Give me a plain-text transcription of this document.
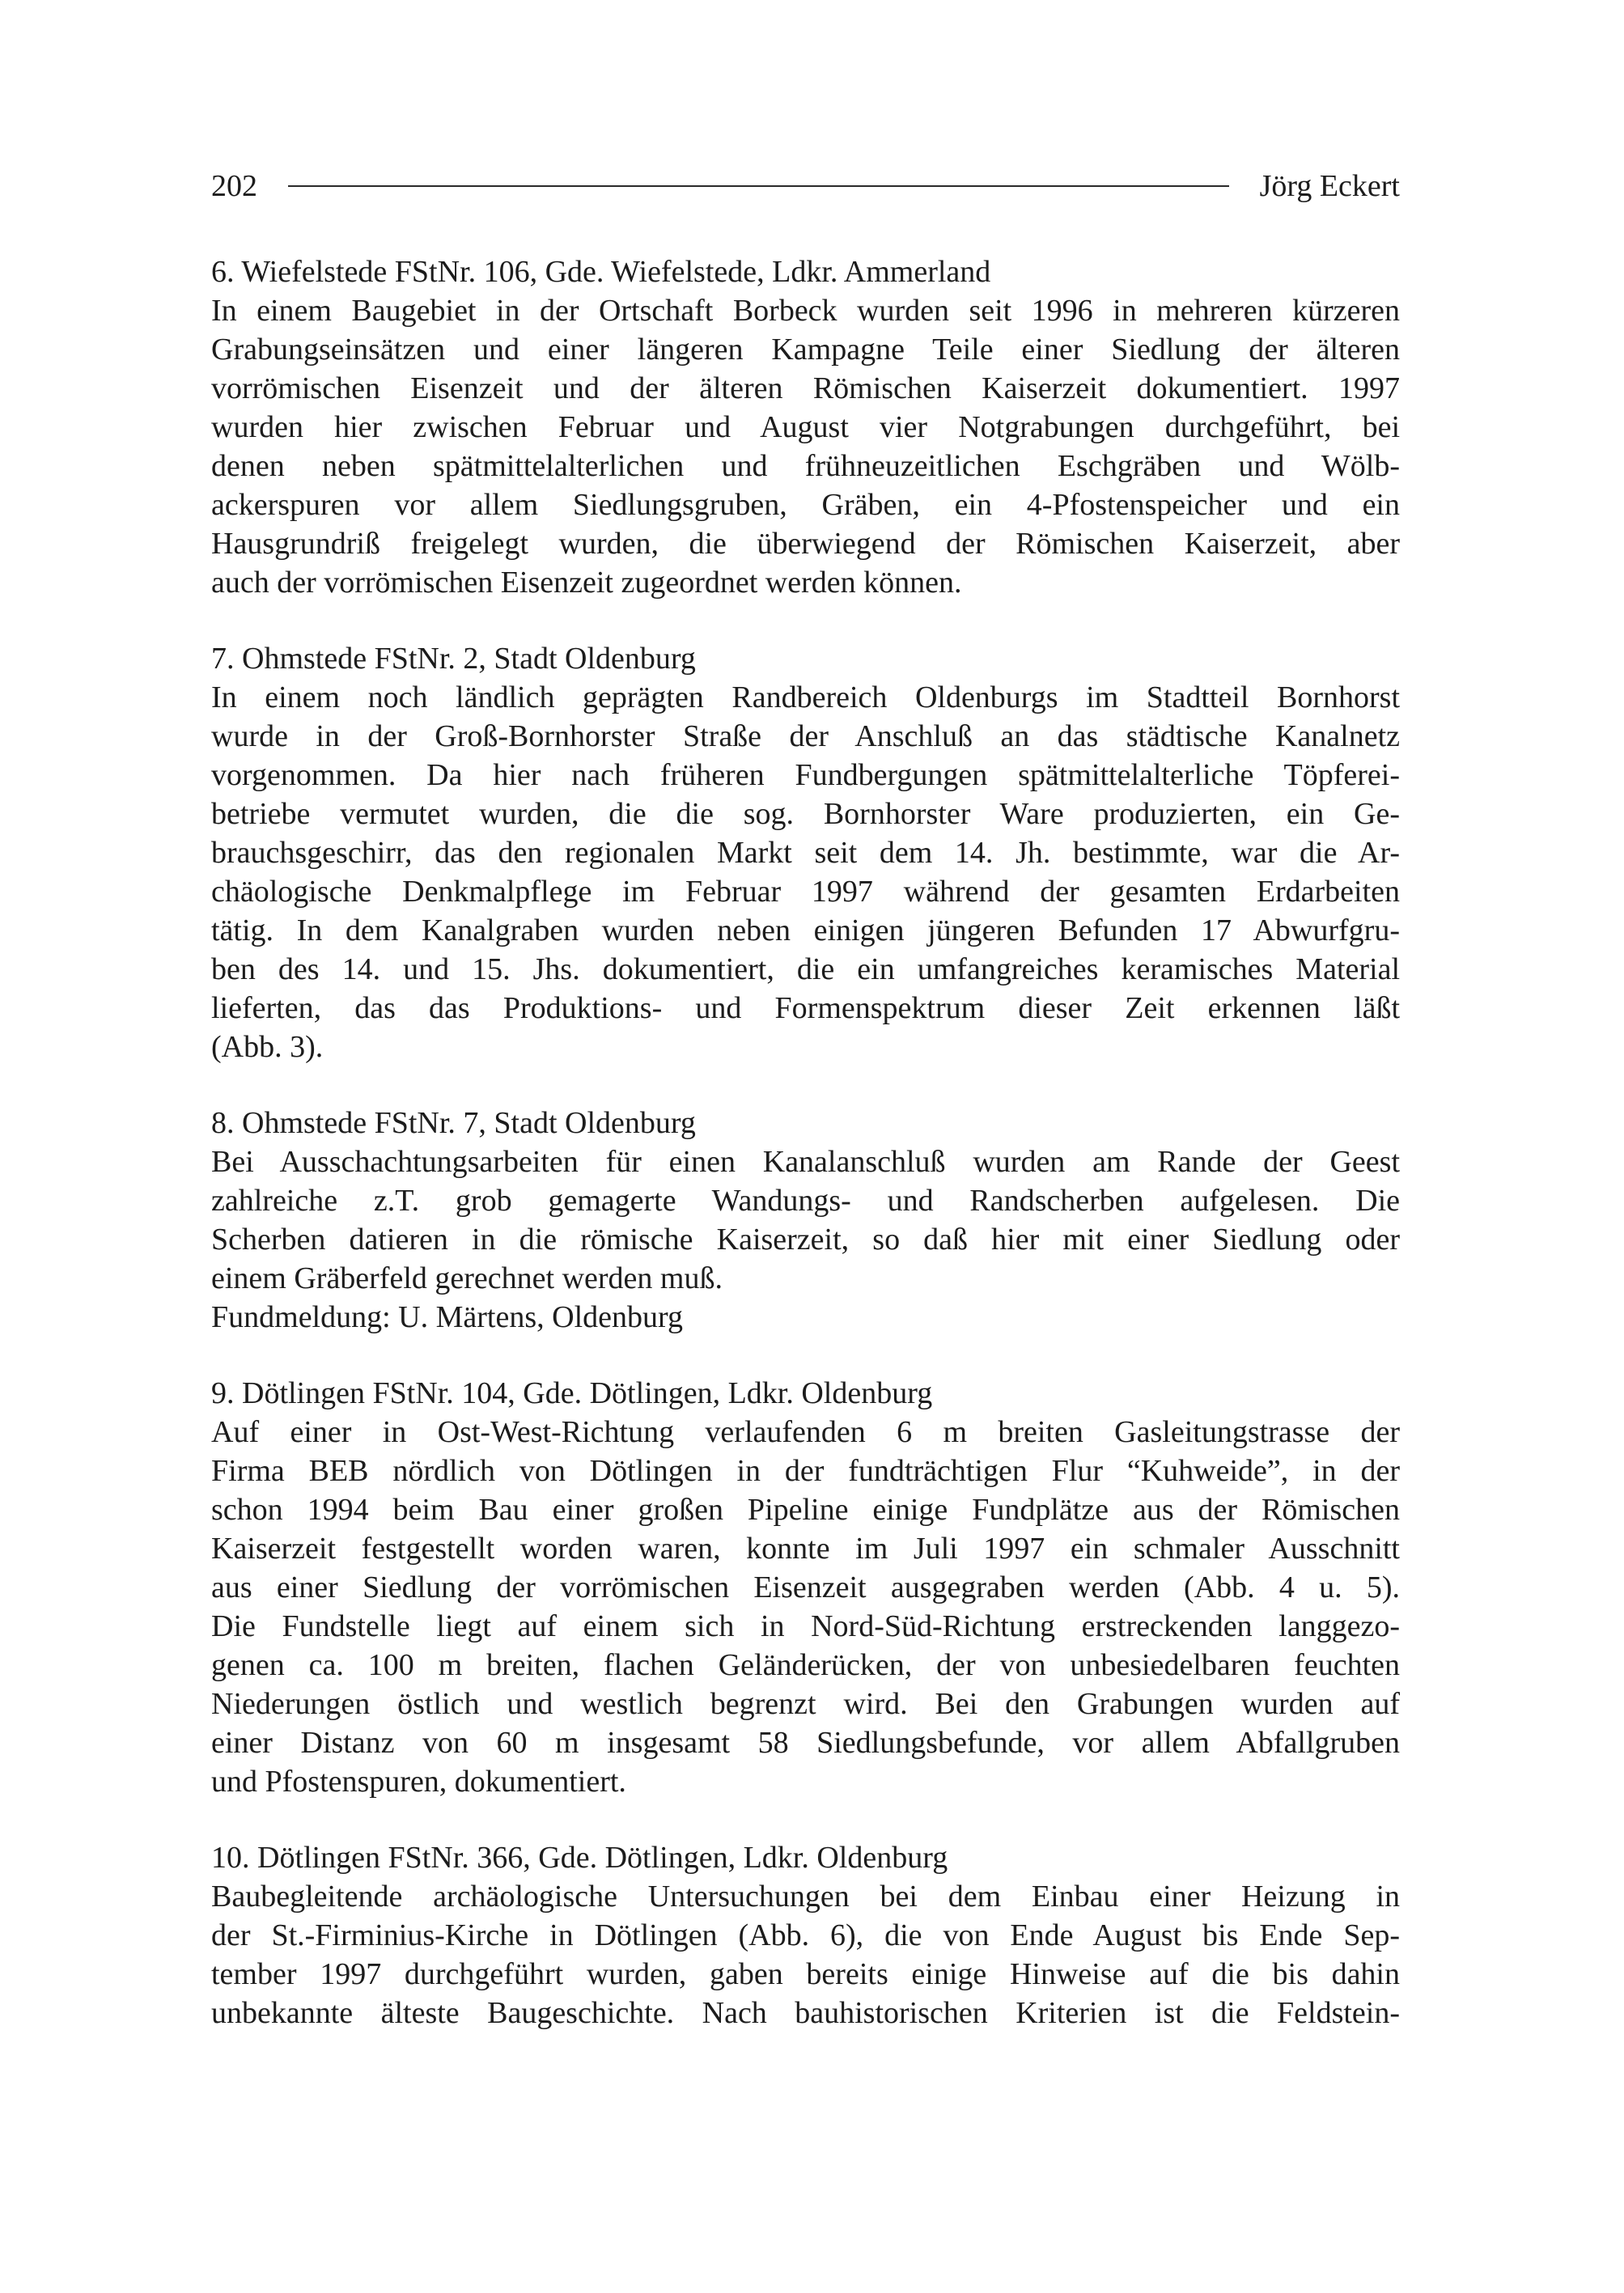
202	Jörg Eckert
6. Wiefelstede FStNr. 106, Gde. Wiefelstede, Ldkr. Ammerland
In einem Baugebiet in der Ortschaft Borbeck wurden seit 1996 in mehreren kürzeren
Grabungseinsätzen und einer längeren Kampagne Teile einer Siedlung der älteren
vorrömischen Eisenzeit und der älteren Römischen Kaiserzeit dokumentiert. 1997
wurden hier zwischen Februar und August vier Notgrabungen durchgeführt, bei
denen neben spätmittelalterlichen und frühneuzeitlichen Eschgräben und Wölb-
ackerspuren vor allem Siedlungsgruben, Gräben, ein 4-Pfostenspeicher und ein
Hausgrundriß freigelegt wurden, die überwiegend der Römischen Kaiserzeit, aber
auch der vorrömischen Eisenzeit zugeordnet werden können.
7. Ohmstede FStNr. 2, Stadt Oldenburg
In einem noch ländlich geprägten Randbereich Oldenburgs im Stadtteil Bornhorst
wurde in der Groß-Bornhorster Straße der Anschluß an das städtische Kanalnetz
vorgenommen. Da hier nach früheren Fundbergungen spätmittelalterliche Töpferei-
betriebe vermutet wurden, die die sog. Bornhorster Ware produzierten, ein Ge-
brauchsgeschirr, das den regionalen Markt seit dem 14. Jh. bestimmte, war die Ar-
chäologische Denkmalpflege im Februar 1997 während der gesamten Erdarbeiten
tätig. In dem Kanalgraben wurden neben einigen jüngeren Befunden 17 Abwurfgru-
ben des 14. und 15. Jhs. dokumentiert, die ein umfangreiches keramisches Material
lieferten, das das Produktions- und Formenspektrum dieser Zeit erkennen läßt
(Abb. 3).
8. Ohmstede FStNr. 7, Stadt Oldenburg
Bei Ausschachtungsarbeiten für einen Kanalanschluß wurden am Rande der Geest
zahlreiche z.T. grob gemagerte Wandungs- und Randscherben aufgelesen. Die
Scherben datieren in die römische Kaiserzeit, so daß hier mit einer Siedlung oder
einem Gräberfeld gerechnet werden muß.
Fundmeldung: U. Märtens, Oldenburg
9. Dötlingen FStNr. 104, Gde. Dötlingen, Ldkr. Oldenburg
Auf einer in Ost-West-Richtung verlaufenden 6 m breiten Gasleitungstrasse der
Firma BEB nördlich von Dötlingen in der fundträchtigen Flur “Kuhweide”, in der
schon 1994 beim Bau einer großen Pipeline einige Fundplätze aus der Römischen
Kaiserzeit festgestellt worden waren, konnte im Juli 1997 ein schmaler Ausschnitt
aus einer Siedlung der vorrömischen Eisenzeit ausgegraben werden (Abb. 4 u. 5).
Die Fundstelle liegt auf einem sich in Nord-Süd-Richtung erstreckenden langgezo-
genen ca. 100 m breiten, flachen Geländerücken, der von unbesiedelbaren feuchten
Niederungen östlich und westlich begrenzt wird. Bei den Grabungen wurden auf
einer Distanz von 60 m insgesamt 58 Siedlungsbefunde, vor allem Abfallgruben
und Pfostenspuren, dokumentiert.
10. Dötlingen FStNr. 366, Gde. Dötlingen, Ldkr. Oldenburg
Baubegleitende archäologische Untersuchungen bei dem Einbau einer Heizung in
der St.-Firminius-Kirche in Dötlingen (Abb. 6), die von Ende August bis Ende Sep-
tember 1997 durchgeführt wurden, gaben bereits einige Hinweise auf die bis dahin
unbekannte älteste Baugeschichte. Nach bauhistorischen Kriterien ist die Feldstein-
